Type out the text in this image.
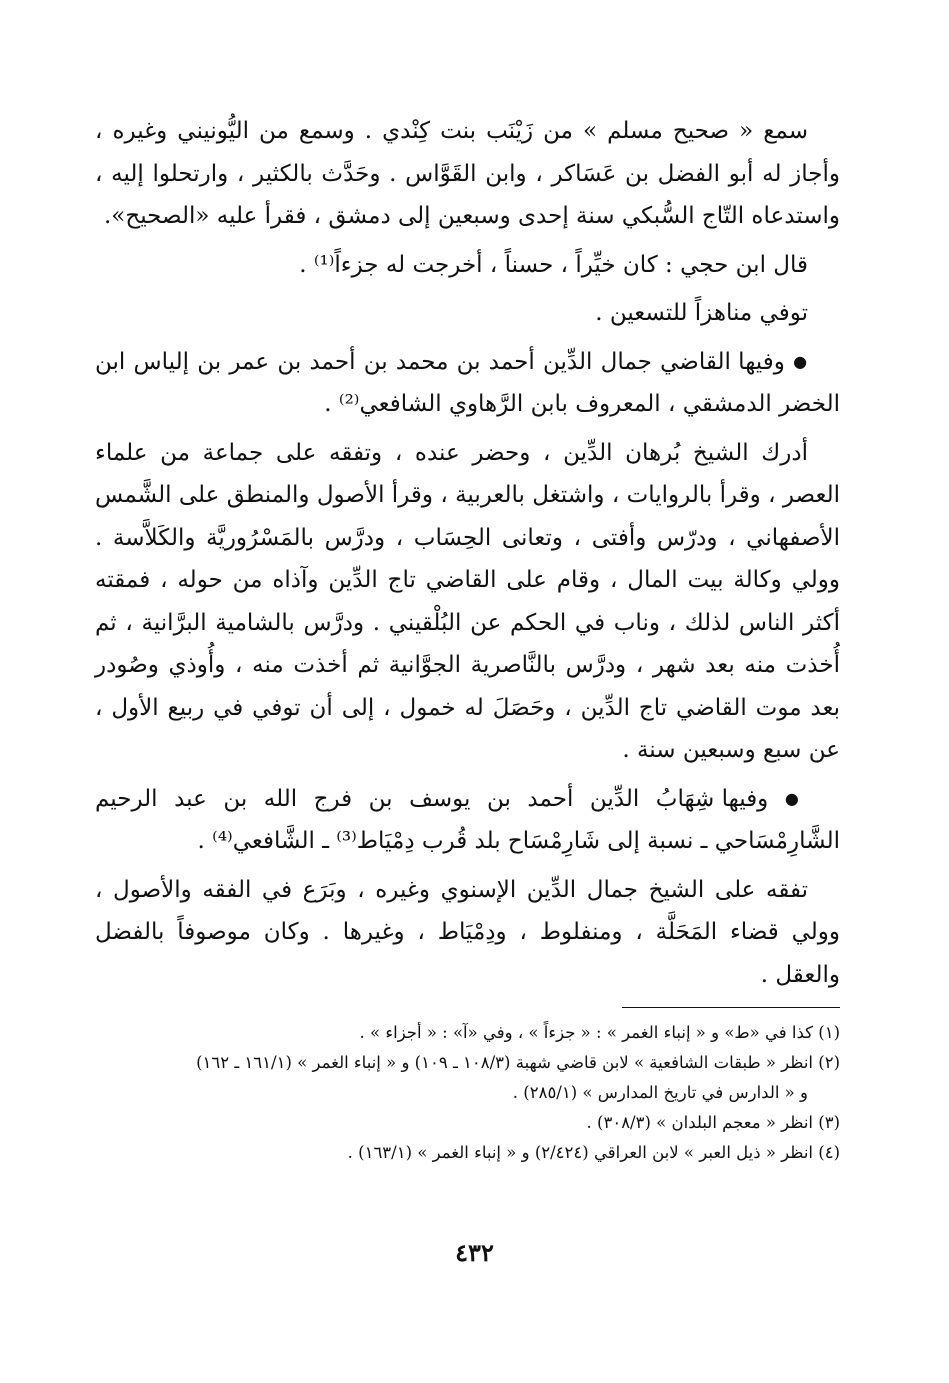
سمع « صحيح مسلم » من زَيْنَب بنت كِنْدي . وسمع من اليُّونيني وغيره ، وأجاز له أبو الفضل بن عَسَاكر ، وابن القَوَّاس . وحَدَّث بالكثير ، وارتحلوا إليه ، واستدعاه التّاج السُّبكي سنة إحدى وسبعين إلى دمشق ، فقرأ عليه «الصحيح».

قال ابن حجي : كان خيِّراً ، حسناً ، أخرجت له جزءاً⁽¹⁾ .

توفي مناهزاً للتسعين .

● وفيها القاضي جمال الدِّين أحمد بن محمد بن أحمد بن عمر بن إلياس ابن الخضر الدمشقي ، المعروف بابن الرَّهاوي الشافعي⁽²⁾ .

أدرك الشيخ بُرهان الدِّين ، وحضر عنده ، وتفقه على جماعة من علماء العصر ، وقرأ بالروايات ، واشتغل بالعربية ، وقرأ الأصول والمنطق على الشَّمس الأصفهاني ، ودرّس وأفتى ، وتعانى الحِسَاب ، ودرَّس بالمَسْرُوريَّة والكَلاَّسة . وولي وكالة بيت المال ، وقام على القاضي تاج الدِّين وآذاه من حوله ، فمقته أكثر الناس لذلك ، وناب في الحكم عن البُلْقيني . ودرَّس بالشامية البرَّانية ، ثم أُخذت منه بعد شهر ، ودرَّس بالنَّاصرية الجوَّانية ثم أخذت منه ، وأُوذي وصُودر بعد موت القاضي تاج الدِّين ، وحَصَلَ له خمول ، إلى أن توفي في ربيع الأول ، عن سبع وسبعين سنة .

● وفيها شِهَابُ الدِّين أحمد بن يوسف بن فرج الله بن عبد الرحيم الشَّارِمْسَاحي ـ نسبة إلى شَارِمْسَاح بلد قُرب دِمْيَاط⁽³⁾ ـ الشَّافعي⁽⁴⁾ .

تفقه على الشيخ جمال الدِّين الإسنوي وغيره ، وبَرَع في الفقه والأصول ، وولي قضاء المَحَلَّة ، ومنفلوط ، ودِمْيَاط ، وغيرها . وكان موصوفاً بالفضل والعقل .

(١) كذا في «ط» و « إنباء الغمر » : « جزءاً » ، وفي «آ» : « أجزاء » .

(٢) انظر « طبقات الشافعية » لابن قاضي شهبة (١٠٨/٣ ـ ١٠٩) و « إنباء الغمر » (١٦١/١ ـ ١٦٢)

و « الدارس في تاريخ المدارس » (٢٨٥/١) .

(٣) انظر « معجم البلدان » (٣٠٨/٣) .

(٤) انظر « ذيل العبر » لابن العراقي (٢/٤٢٤) و « إنباء الغمر » (١٦٣/١) .

٤٣٢
